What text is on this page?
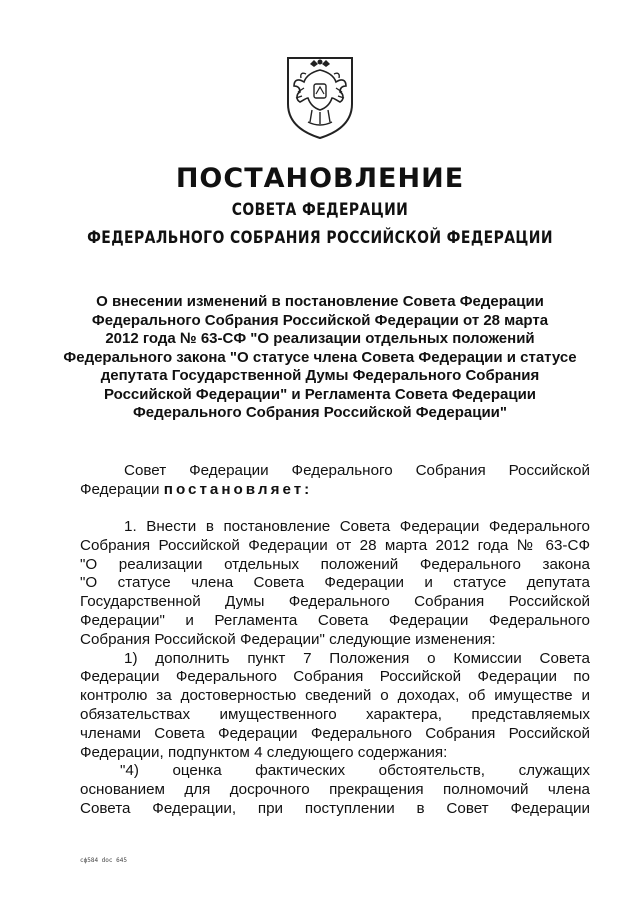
ПОСТАНОВЛЕНИЕ
СОВЕТА ФЕДЕРАЦИИ
ФЕДЕРАЛЬНОГО СОБРАНИЯ РОССИЙСКОЙ ФЕДЕРАЦИИ
О внесении изменений в постановление Совета Федерации
Федерального Собрания Российской Федерации от 28 марта
2012 года № 63-СФ "О реализации отдельных положений
Федерального закона "О статусе члена Совета Федерации и статусе
депутата Государственной Думы Федерального Собрания
Российской Федерации" и Регламента Совета Федерации
Федерального Собрания Российской Федерации"
Совет Федерации Федерального Собрания Российской
Федерации постановляет:
1. Внести в постановление Совета Федерации Федерального
Собрания Российской Федерации от 28 марта 2012 года № 63-СФ
"О реализации отдельных положений Федерального закона
"О статусе члена Совета Федерации и статусе депутата
Государственной Думы Федерального Собрания Российской
Федерации" и Регламента Совета Федерации Федерального
Собрания Российской Федерации" следующие изменения:
1) дополнить пункт 7 Положения о Комиссии Совета
Федерации Федерального Собрания Российской Федерации по
контролю за достоверностью сведений о доходах, об имуществе и
обязательствах имущественного характера, представляемых
членами Совета Федерации Федерального Собрания Российской
Федерации, подпунктом 4 следующего содержания:
"4) оценка фактических обстоятельств, служащих
основанием для досрочного прекращения полномочий члена
Совета Федерации, при поступлении в Совет Федерации
сф584 doc 645
